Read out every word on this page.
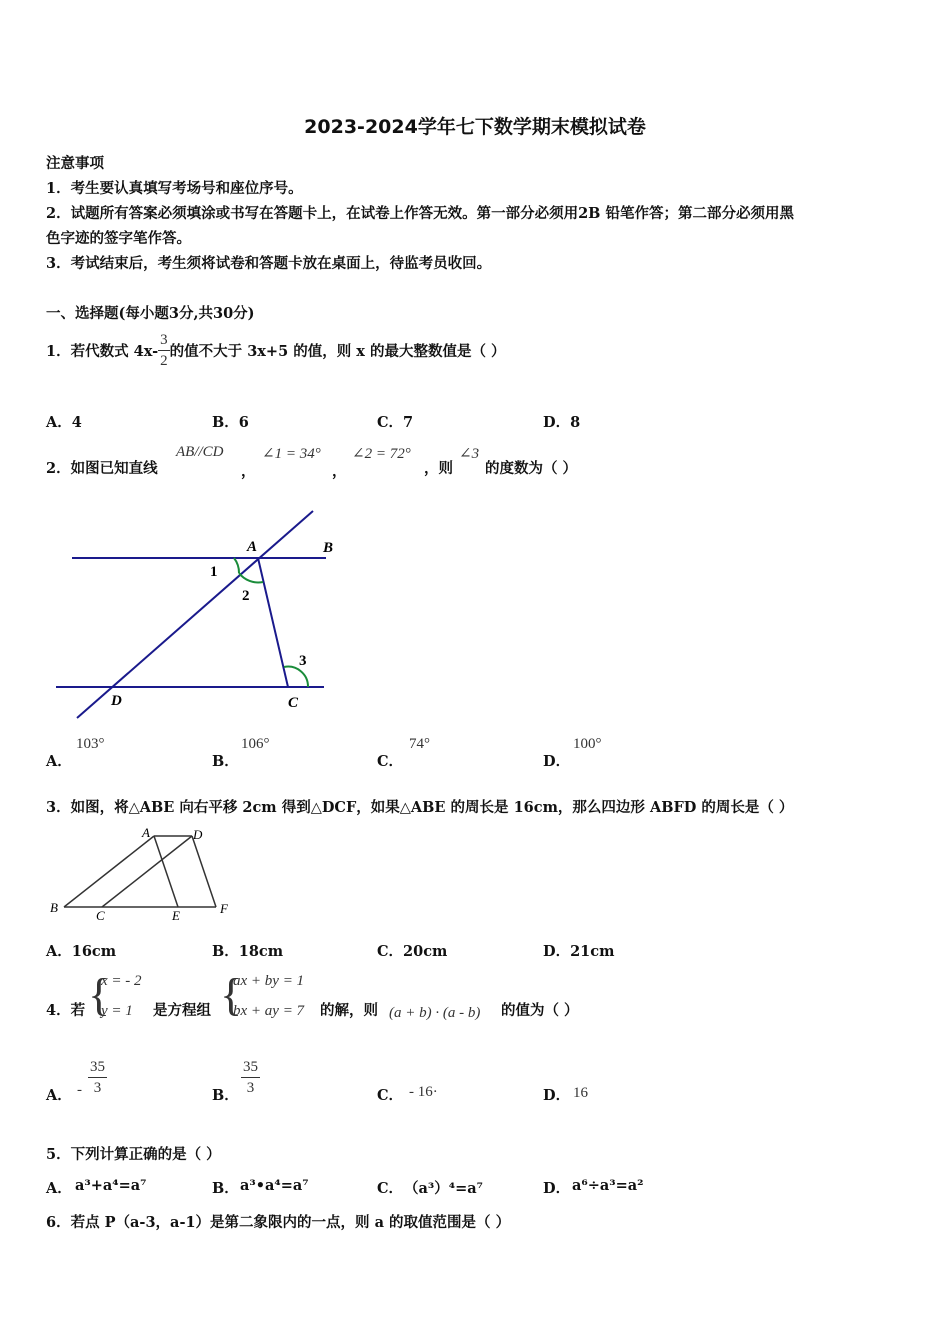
2023-2024学年七下数学期末模拟试卷
注意事项
1．考生要认真填写考场号和座位序号。
2．试题所有答案必须填涂或书写在答题卡上，在试卷上作答无效。第一部分必须用2B 铅笔作答；第二部分必须用黑
色字迹的签字笔作答。
3．考试结束后，考生须将试卷和答题卡放在桌面上，待监考员收回。
一、选择题(每小题3分,共30分)
1．若代数式 $4x- \frac{3}{2}$ 的值不大于 3x+5 的值，则 x 的最大整数值是（ ）
A．4	B．6	C．7	D．8
2．如图已知直线
AB//CD
，
∠1 = 34°
，
∠2 = 72°
，则
∠3
的度数为（ ）
A	B
C
D
1
2
3
A．
103°
B．
106°
C．
74°
D．
100°
3．如图，将△ABE 向右平移 2cm 得到△DCF，如果△ABE 的周长是 16cm，那么四边形 ABFD 的周长是（ ）
A	D
B
C	E	F
A．16cm	B．18cm	C．20cm	D．21cm
4．若 {
x = - 2
y = 1 是方程组 {
ax + by = 1
bx + ay = 7 的解，则 (a + b) · (a - b) 的值为（ ）
A． - $\frac{35}{3}$	B． $\frac{35}{3}$	C． - 16·	D． 16
5．下列计算正确的是（ ）
A． a³+a⁴=a⁷	B． a³•a⁴=a⁷	C． （a³）⁴=a⁷	D． a⁶÷a³=a²
6．若点 P（a-3，a-1）是第二象限内的一点，则 a 的取值范围是（ ）
